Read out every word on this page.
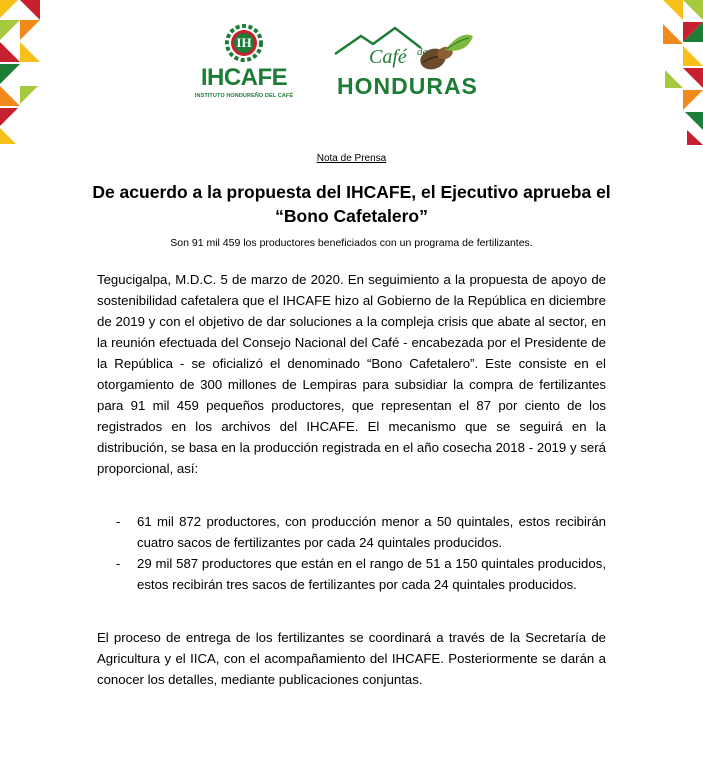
IH
IHCAFE
INSTITUTO HONDUREÑO DEL CAFÉ
Café de
HONDURAS
Nota de Prensa
De acuerdo a la propuesta del IHCAFE, el Ejecutivo aprueba el “Bono Cafetalero”
Son 91 mil 459 los productores beneficiados con un programa de fertilizantes.

Tegucigalpa, M.D.C. 5 de marzo de 2020. En seguimiento a la propuesta de apoyo de sostenibilidad cafetalera que el IHCAFE hizo al Gobierno de la República en diciembre de 2019 y con el objetivo de dar soluciones a la compleja crisis que abate al sector, en la reunión efectuada del Consejo Nacional del Café - encabezada por el Presidente de la República - se oficializó el denominado “Bono Cafetalero”. Este consiste en el otorgamiento de 300 millones de Lempiras para subsidiar la compra de fertilizantes para 91 mil 459 pequeños productores, que representan el 87 por ciento de los registrados en los archivos del IHCAFE. El mecanismo que se seguirá en la distribución, se basa en la producción registrada en el año cosecha 2018 - 2019 y será proporcional, así:

- 61 mil 872 productores, con producción menor a 50 quintales, estos recibirán cuatro sacos de fertilizantes por cada 24 quintales producidos.
- 29 mil 587 productores que están en el rango de 51 a 150 quintales producidos, estos recibirán tres sacos de fertilizantes por cada 24 quintales producidos.

El proceso de entrega de los fertilizantes se coordinará a través de la Secretaría de Agricultura y el IICA, con el acompañamiento del IHCAFE. Posteriormente se darán a conocer los detalles, mediante publicaciones conjuntas.
